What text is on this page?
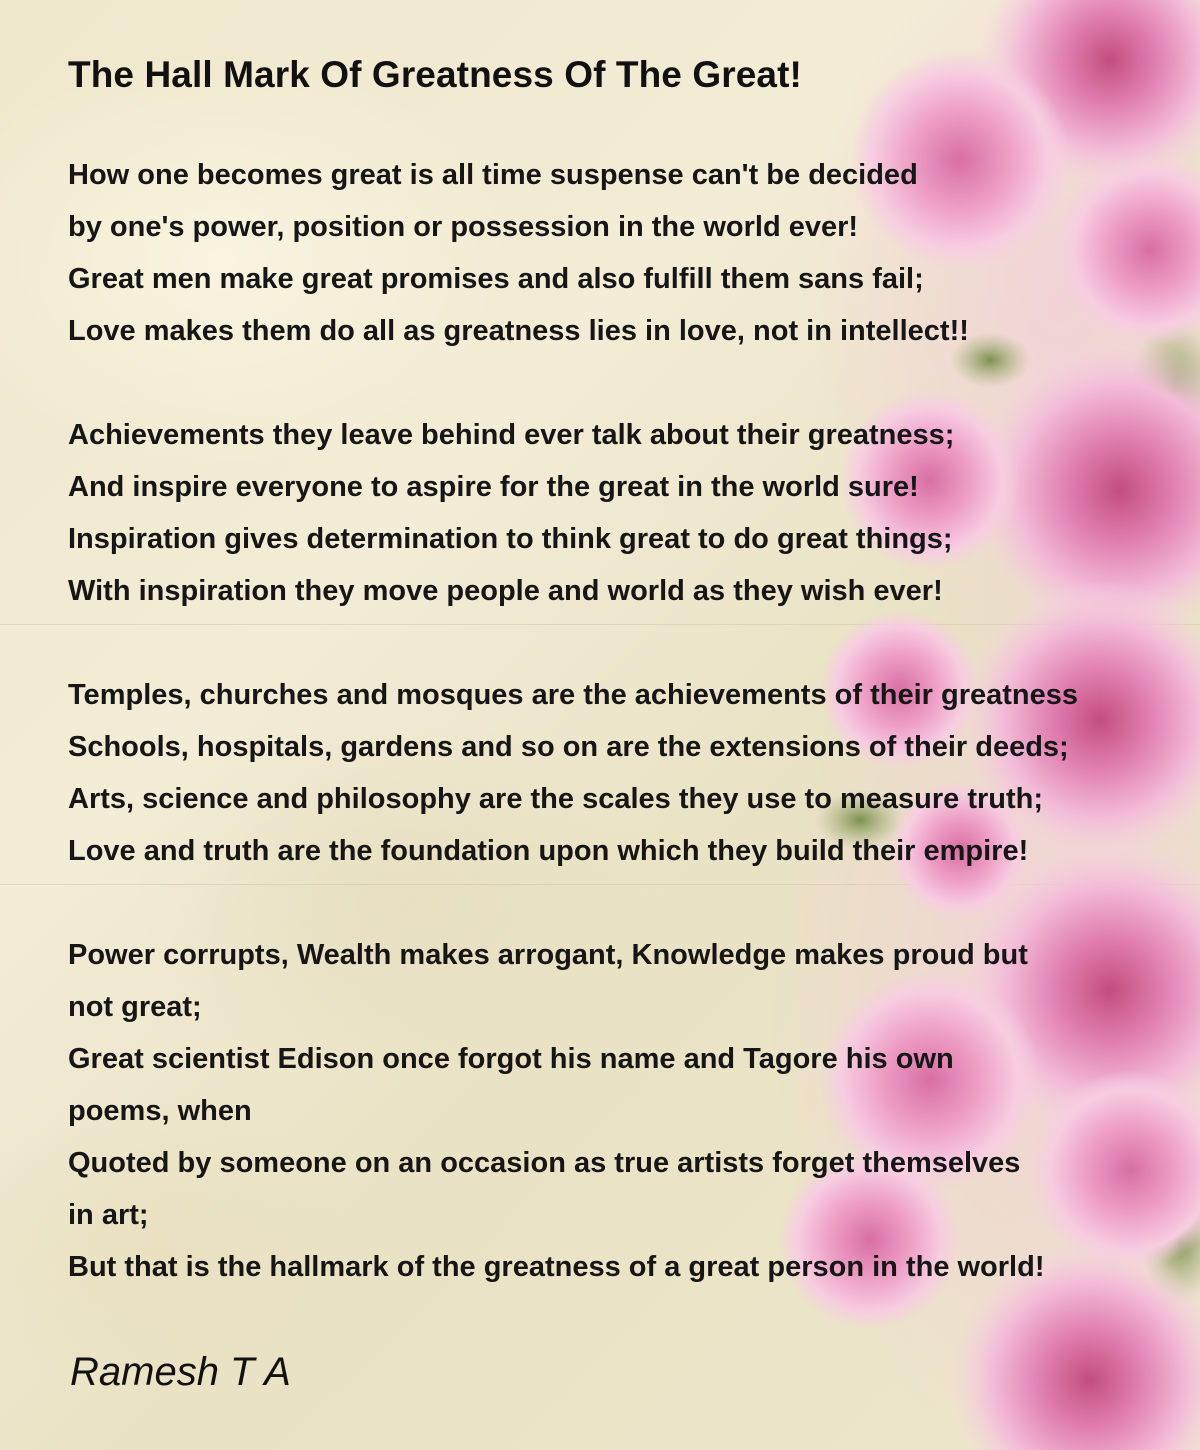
The Hall Mark Of Greatness Of The Great!

How one becomes great is all time suspense can't be decided
by one's power, position or possession in the world ever!
Great men make great promises and also fulfill them sans fail;
Love makes them do all as greatness lies in love, not in intellect!!

Achievements they leave behind ever talk about their greatness;
And inspire everyone to aspire for the great in the world sure!
Inspiration gives determination to think great to do great things;
With inspiration they move people and world as they wish ever!

Temples, churches and mosques are the achievements of their greatness
Schools, hospitals, gardens and so on are the extensions of their deeds;
Arts, science and philosophy are the scales they use to measure truth;
Love and truth are the foundation upon which they build their empire!

Power corrupts, Wealth makes arrogant, Knowledge makes proud but
not great;
Great scientist Edison once forgot his name and Tagore his own
poems, when
Quoted by someone on an occasion as true artists forget themselves
in art;
But that is the hallmark of the greatness of a great person in the world!

Ramesh T A
